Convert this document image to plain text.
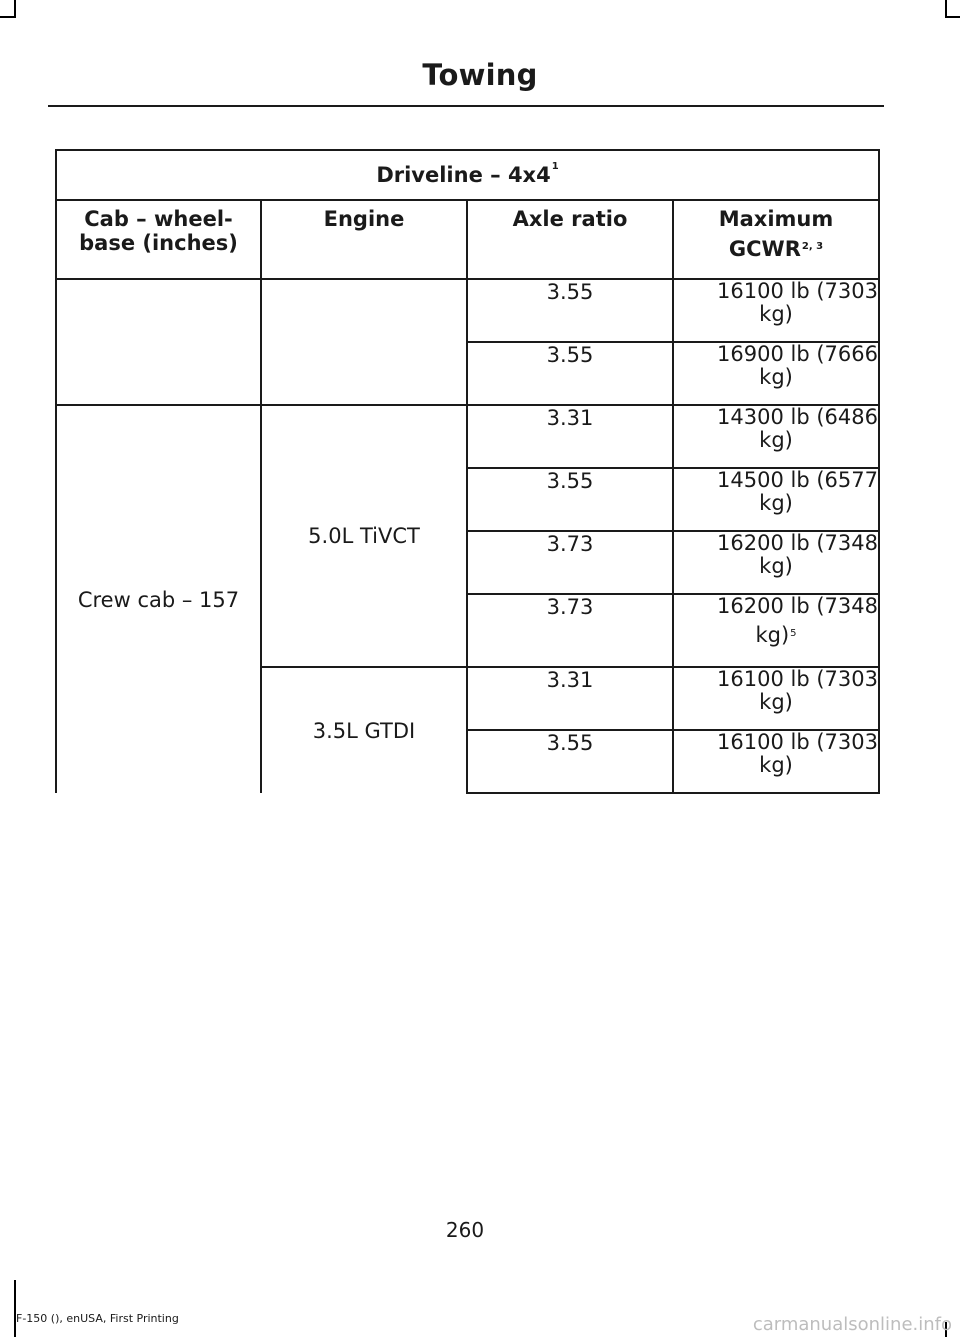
Towing
Driveline – $4x4^1$
Cab – wheel-base (inches)	Engine	Axle ratio	Maximum
GCWR$^{2, 3}$
		3.55	16100 lb (7303
kg)

		3.55	16900 lb (7666
kg)

Crew cab – 157	5.0L TiVCT	3.31	14300 lb (6486
kg)

		3.55	14500 lb (6577
kg)

		3.73	16200 lb (7348
kg)

		3.73	16200 lb (7348
kg)$^5$

	3.5L GTDI	3.31	16100 lb (7303
kg)

		3.55	16100 lb (7303
kg)
260
F-150 (), enUSA, First Printing	carmanualsonline.info
